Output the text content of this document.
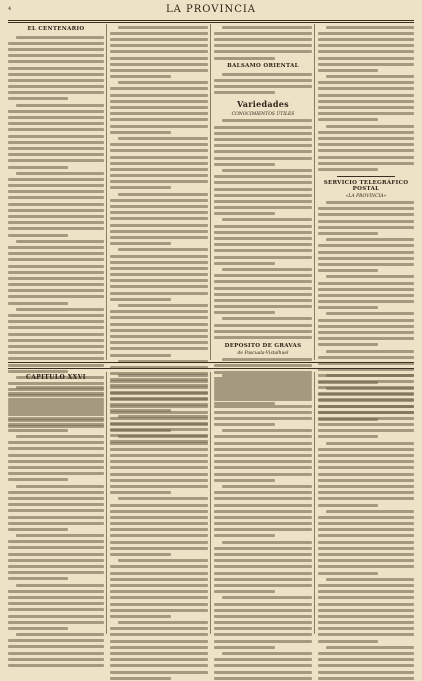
4	LA PROVINCIA
EL CENTENARIO
BALSAMO ORIENTAL
Variedades
CONOCIMIENTOS ÚTILES
DEPOSITO DE GRAVAS
de Pascuala-Vistalhuel
SERVICIO TELEGRÁFICO POSTAL
«LA PROVINCIA»
CAPITULO XXVI
